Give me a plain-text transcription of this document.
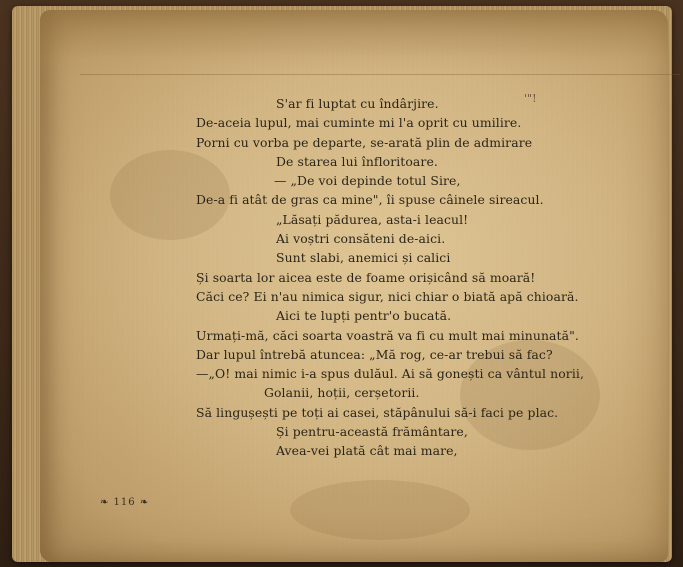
'"!
S'ar fi luptat cu îndârjire.
De-aceia lupul, mai cuminte mi l'a oprit cu umilire.
Porni cu vorba pe departe, se-arată plin de admirare
De starea lui înfloritoare.
— „De voi depinde totul Sire,
De-a fi atât de gras ca mine", îi spuse câinele sireacul.
„Lăsați pădurea, asta-i leacul!
Ai voștri consăteni de-aici.
Sunt slabi, anemici și calici
Și soarta lor aicea este de foame orișicând să moară!
Căci ce? Ei n'au nimica sigur, nici chiar o biată apă chioară.
Aici te lupți pentr'o bucată.
Urmați-mă, căci soarta voastră va fi cu mult mai minunată".
Dar lupul întrebă atuncea: „Mă rog, ce-ar trebui să fac?
—„O! mai nimic i-a spus dulăul. Ai să gonești ca vântul norii,
Golanii, hoții, cerșetorii.
Să lingușești pe toți ai casei, stăpânului să-i faci pe plac.
Și pentru-această frământare,
Avea-vei plată cât mai mare,
❧ 116 ❧
